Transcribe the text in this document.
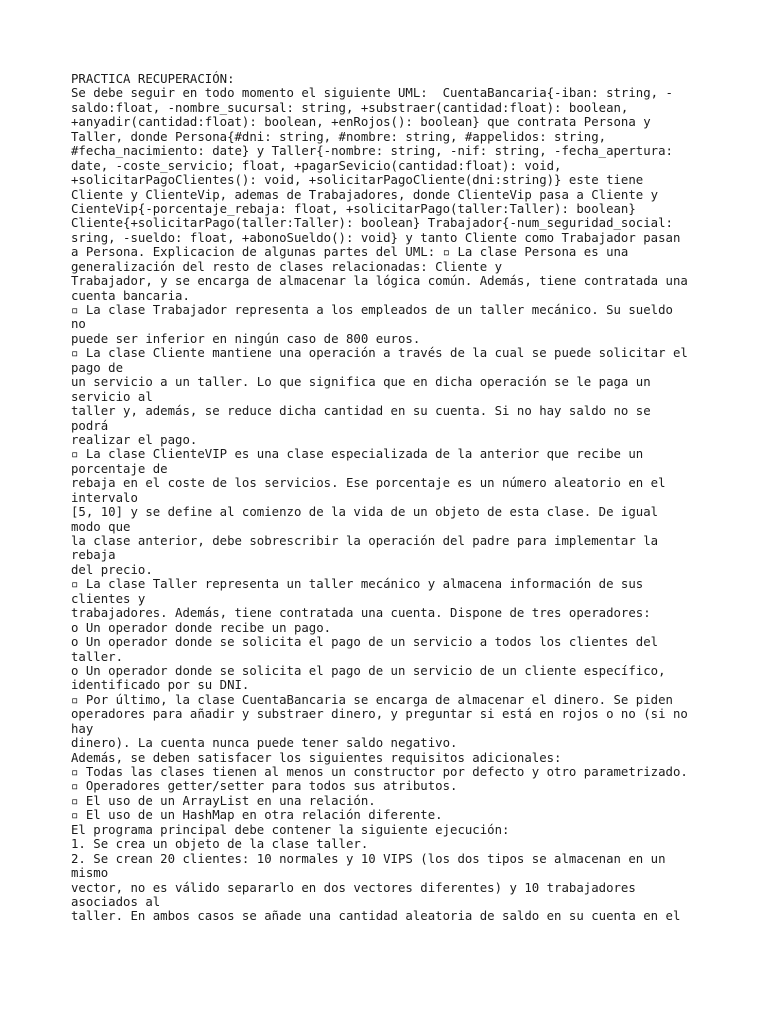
PRACTICA RECUPERACIÓN:
Se debe seguir en todo momento el siguiente UML:  CuentaBancaria{-iban: string, -
saldo:float, -nombre_sucursal: string, +substraer(cantidad:float): boolean,
+anyadir(cantidad:float): boolean, +enRojos(): boolean} que contrata Persona y
Taller, donde Persona{#dni: string, #nombre: string, #appelidos: string,
#fecha_nacimiento: date} y Taller{-nombre: string, -nif: string, -fecha_apertura:
date, -coste_servicio; float, +pagarSevicio(cantidad:float): void,
+solicitarPagoClientes(): void, +solicitarPagoCliente(dni:string)} este tiene
Cliente y ClienteVip, ademas de Trabajadores, donde ClienteVip pasa a Cliente y
CienteVip{-porcentaje_rebaja: float, +solicitarPago(taller:Taller): boolean}
Cliente{+solicitarPago(taller:Taller): boolean} Trabajador{-num_seguridad_social:
sring, -sueldo: float, +abonoSueldo(): void} y tanto Cliente como Trabajador pasan
a Persona. Explicacion de algunas partes del UML: ▫ La clase Persona es una
generalización del resto de clases relacionadas: Cliente y
Trabajador, y se encarga de almacenar la lógica común. Además, tiene contratada una
cuenta bancaria.
▫ La clase Trabajador representa a los empleados de un taller mecánico. Su sueldo
no
puede ser inferior en ningún caso de 800 euros.
▫ La clase Cliente mantiene una operación a través de la cual se puede solicitar el
pago de
un servicio a un taller. Lo que significa que en dicha operación se le paga un
servicio al
taller y, además, se reduce dicha cantidad en su cuenta. Si no hay saldo no se
podrá
realizar el pago.
▫ La clase ClienteVIP es una clase especializada de la anterior que recibe un
porcentaje de
rebaja en el coste de los servicios. Ese porcentaje es un número aleatorio en el
intervalo
[5, 10] y se define al comienzo de la vida de un objeto de esta clase. De igual
modo que
la clase anterior, debe sobrescribir la operación del padre para implementar la
rebaja
del precio.
▫ La clase Taller representa un taller mecánico y almacena información de sus
clientes y
trabajadores. Además, tiene contratada una cuenta. Dispone de tres operadores:
o Un operador donde recibe un pago.
o Un operador donde se solicita el pago de un servicio a todos los clientes del
taller.
o Un operador donde se solicita el pago de un servicio de un cliente específico,
identificado por su DNI.
▫ Por último, la clase CuentaBancaria se encarga de almacenar el dinero. Se piden
operadores para añadir y substraer dinero, y preguntar si está en rojos o no (si no
hay
dinero). La cuenta nunca puede tener saldo negativo.
Además, se deben satisfacer los siguientes requisitos adicionales:
▫ Todas las clases tienen al menos un constructor por defecto y otro parametrizado.
▫ Operadores getter/setter para todos sus atributos.
▫ El uso de un ArrayList en una relación.
▫ El uso de un HashMap en otra relación diferente.
El programa principal debe contener la siguiente ejecución:
1. Se crea un objeto de la clase taller.
2. Se crean 20 clientes: 10 normales y 10 VIPS (los dos tipos se almacenan en un
mismo
vector, no es válido separarlo en dos vectores diferentes) y 10 trabajadores
asociados al
taller. En ambos casos se añade una cantidad aleatoria de saldo en su cuenta en el
